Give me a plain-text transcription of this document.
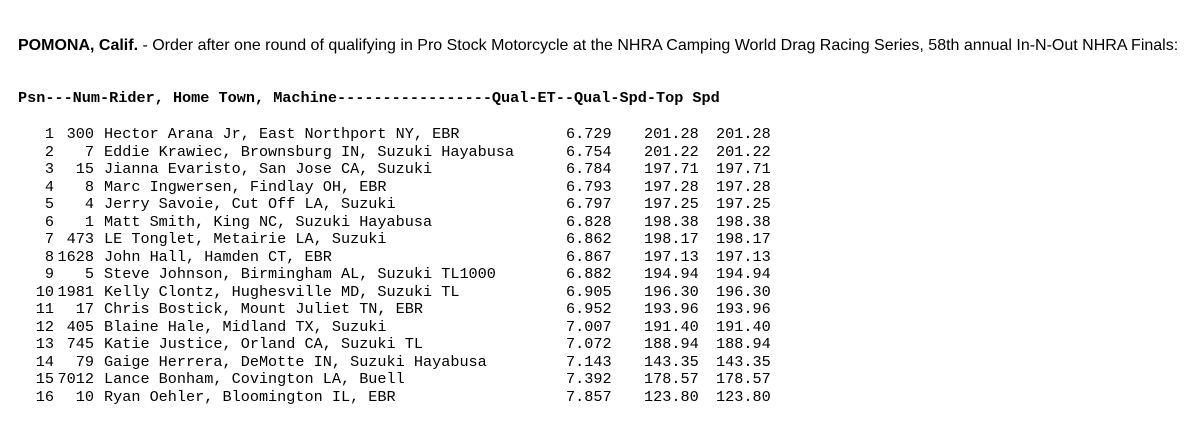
POMONA, Calif. - Order after one round of qualifying in Pro Stock Motorcycle at the NHRA Camping World Drag Racing Series, 58th annual In-N-Out NHRA Finals:

Psn---Num-Rider, Home Town, Machine-----------------Qual-ET--Qual-Spd-Top Spd
1 300 Hector Arana Jr, East Northport NY, EBR	6.729 201.28 201.28
2	7 Eddie Krawiec, Brownsburg IN, Suzuki Hayabusa	6.754 201.22 201.22
3	15 Jianna Evaristo, San Jose CA, Suzuki	6.784 197.71 197.71
4	8 Marc Ingwersen, Findlay OH, EBR	6.793 197.28 197.28
5	4 Jerry Savoie, Cut Off LA, Suzuki	6.797 197.25 197.25
6	1 Matt Smith, King NC, Suzuki Hayabusa	6.828 198.38 198.38
7 473 LE Tonglet, Metairie LA, Suzuki	6.862 198.17 198.17
8 1628 John Hall, Hamden CT, EBR	6.867 197.13 197.13
9	5 Steve Johnson, Birmingham AL, Suzuki TL1000	6.882 194.94 194.94
10 1981 Kelly Clontz, Hughesville MD, Suzuki TL	6.905 196.30 196.30
11	17 Chris Bostick, Mount Juliet TN, EBR	6.952 193.96 193.96
12 405 Blaine Hale, Midland TX, Suzuki	7.007 191.40 191.40
13 745 Katie Justice, Orland CA, Suzuki TL	7.072 188.94 188.94
14	79 Gaige Herrera, DeMotte IN, Suzuki Hayabusa	7.143 143.35 143.35
15 7012 Lance Bonham, Covington LA, Buell	7.392 178.57 178.57
16	10 Ryan Oehler, Bloomington IL, EBR	7.857 123.80 123.80
